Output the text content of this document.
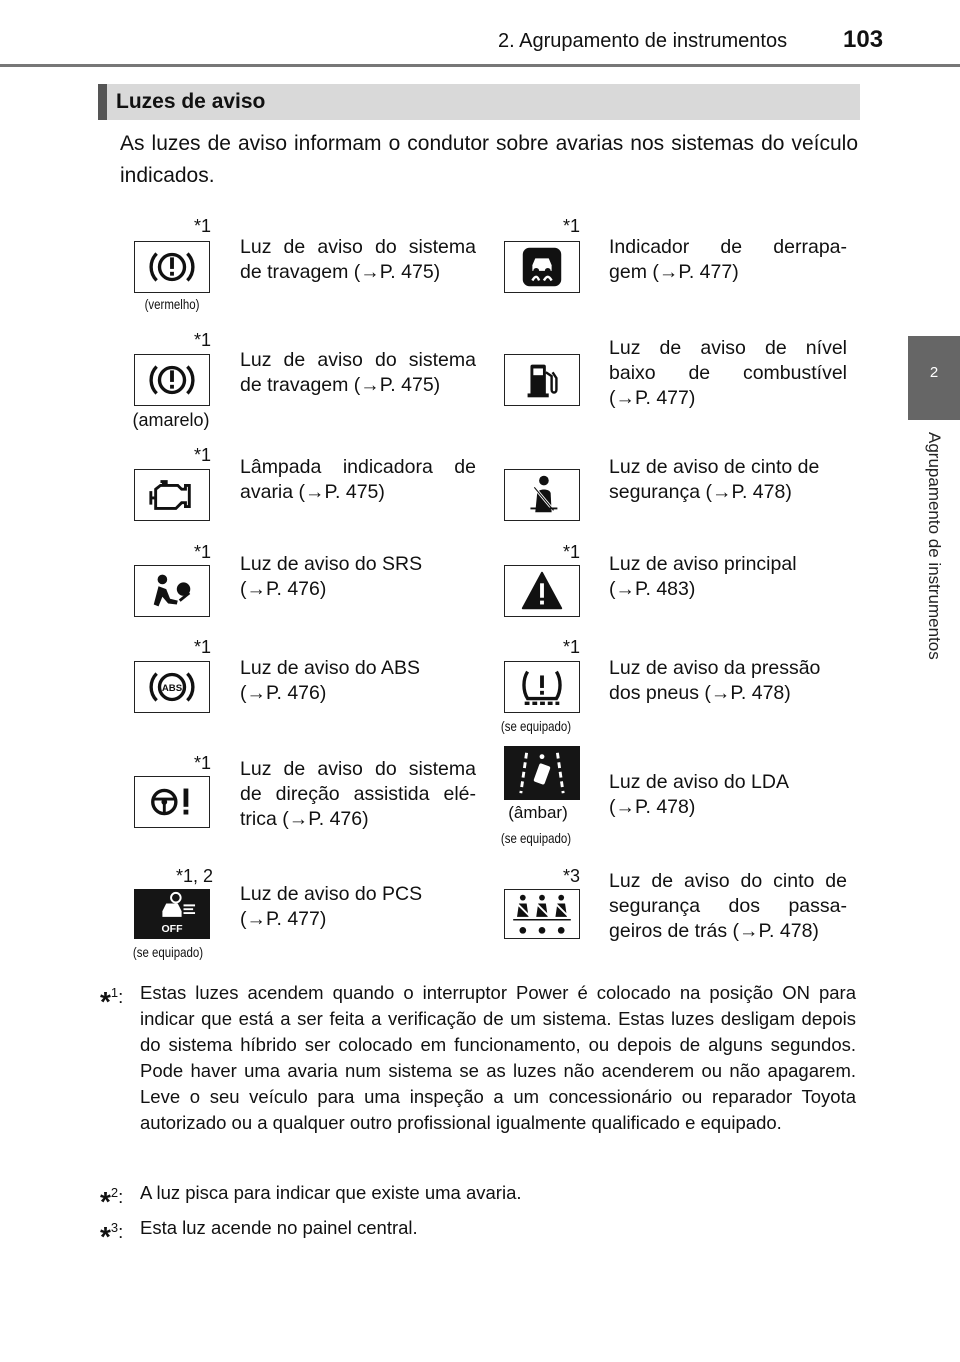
2. Agrupamento de instrumentos 103
2
Agrupamento de instrumentos
Luzes de aviso
As luzes de aviso informam o condutor sobre avarias nos sistemas do veículo indicados.
*1
(vermelho)
Luz de aviso do sistema
de travagem (→P. 475)
*1
Indicador de derrapa-
gem (→P. 477)
*1
(amarelo)
Luz de aviso do sistema
de travagem (→P. 475)
Luz de aviso de nível
baixo de combustível
(→P. 477)
*1
Lâmpada indicadora de
avaria (→P. 475)
Luz de aviso de cinto de
segurança (→P. 478)
*1
Luz de aviso do SRS
(→P. 476)
*1
Luz de aviso principal
(→P. 483)
*1
ABS
Luz de aviso do ABS
(→P. 476)
*1
(se equipado)
Luz de aviso da pressão
dos pneus (→P. 478)
*1 Luz de aviso do sistema
de direção assistida elé-
trica (→P. 476)	(âmbar)
(se equipado)
Luz de aviso do LDA
(→P. 478)
*1, 2
OFF
(se equipado)
Luz de aviso do PCS
(→P. 477)
*3 Luz de aviso do cinto de
segurança dos passa-
geiros de trás (→P. 478)
*$^1$: Estas luzes acendem quando o interruptor Power é colocado na posição ON para indicar que está a ser feita a verificação de um sistema. Estas luzes desligam depois do sistema híbrido ser colocado em funcionamento, ou depois de alguns segundos. Pode haver uma avaria num sistema se as luzes não acenderem ou não apagarem. Leve o seu veículo para uma inspeção a um concessionário ou reparador Toyota autorizado ou a qualquer outro profissional igualmente qualificado e equipado.
*$^2$: A luz pisca para indicar que existe uma avaria.
*$^3$: Esta luz acende no painel central.
